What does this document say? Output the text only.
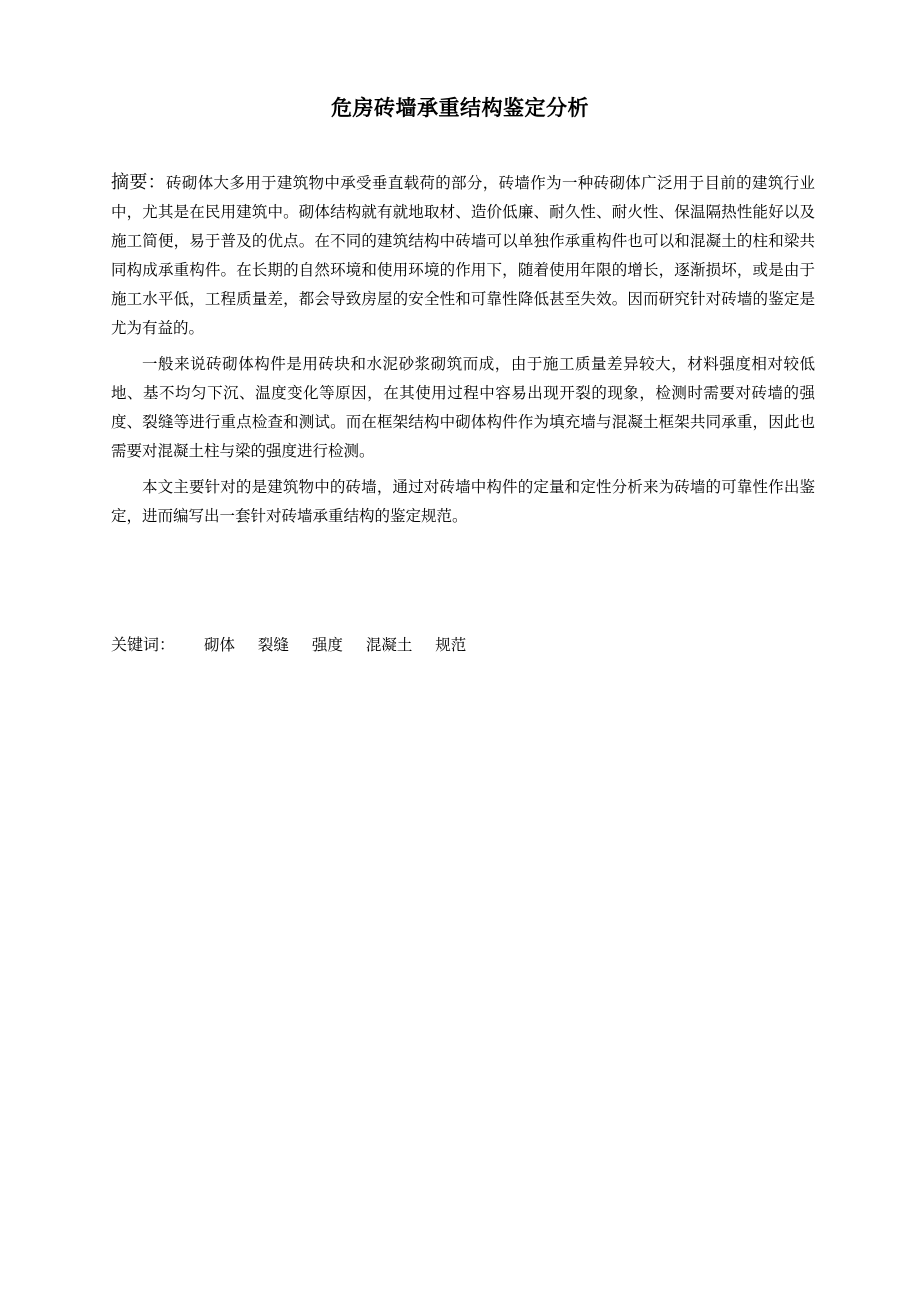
危房砖墙承重结构鉴定分析

摘要：砖砌体大多用于建筑物中承受垂直载荷的部分，砖墙作为一种砖砌体广泛用于目前的建筑行业中，尤其是在民用建筑中。砌体结构就有就地取材、造价低廉、耐久性、耐火性、保温隔热性能好以及施工简便，易于普及的优点。在不同的建筑结构中砖墙可以单独作承重构件也可以和混凝土的柱和梁共同构成承重构件。在长期的自然环境和使用环境的作用下，随着使用年限的增长，逐渐损坏，或是由于施工水平低，工程质量差，都会导致房屋的安全性和可靠性降低甚至失效。因而研究针对砖墙的鉴定是尤为有益的。

一般来说砖砌体构件是用砖块和水泥砂浆砌筑而成，由于施工质量差异较大，材料强度相对较低地、基不均匀下沉、温度变化等原因，在其使用过程中容易出现开裂的现象，检测时需要对砖墙的强度、裂缝等进行重点检查和测试。而在框架结构中砌体构件作为填充墙与混凝土框架共同承重，因此也需要对混凝土柱与梁的强度进行检测。

本文主要针对的是建筑物中的砖墙，通过对砖墙中构件的定量和定性分析来为砖墙的可靠性作出鉴定，进而编写出一套针对砖墙承重结构的鉴定规范。

关键词： 砌体 裂缝 强度 混凝土 规范
